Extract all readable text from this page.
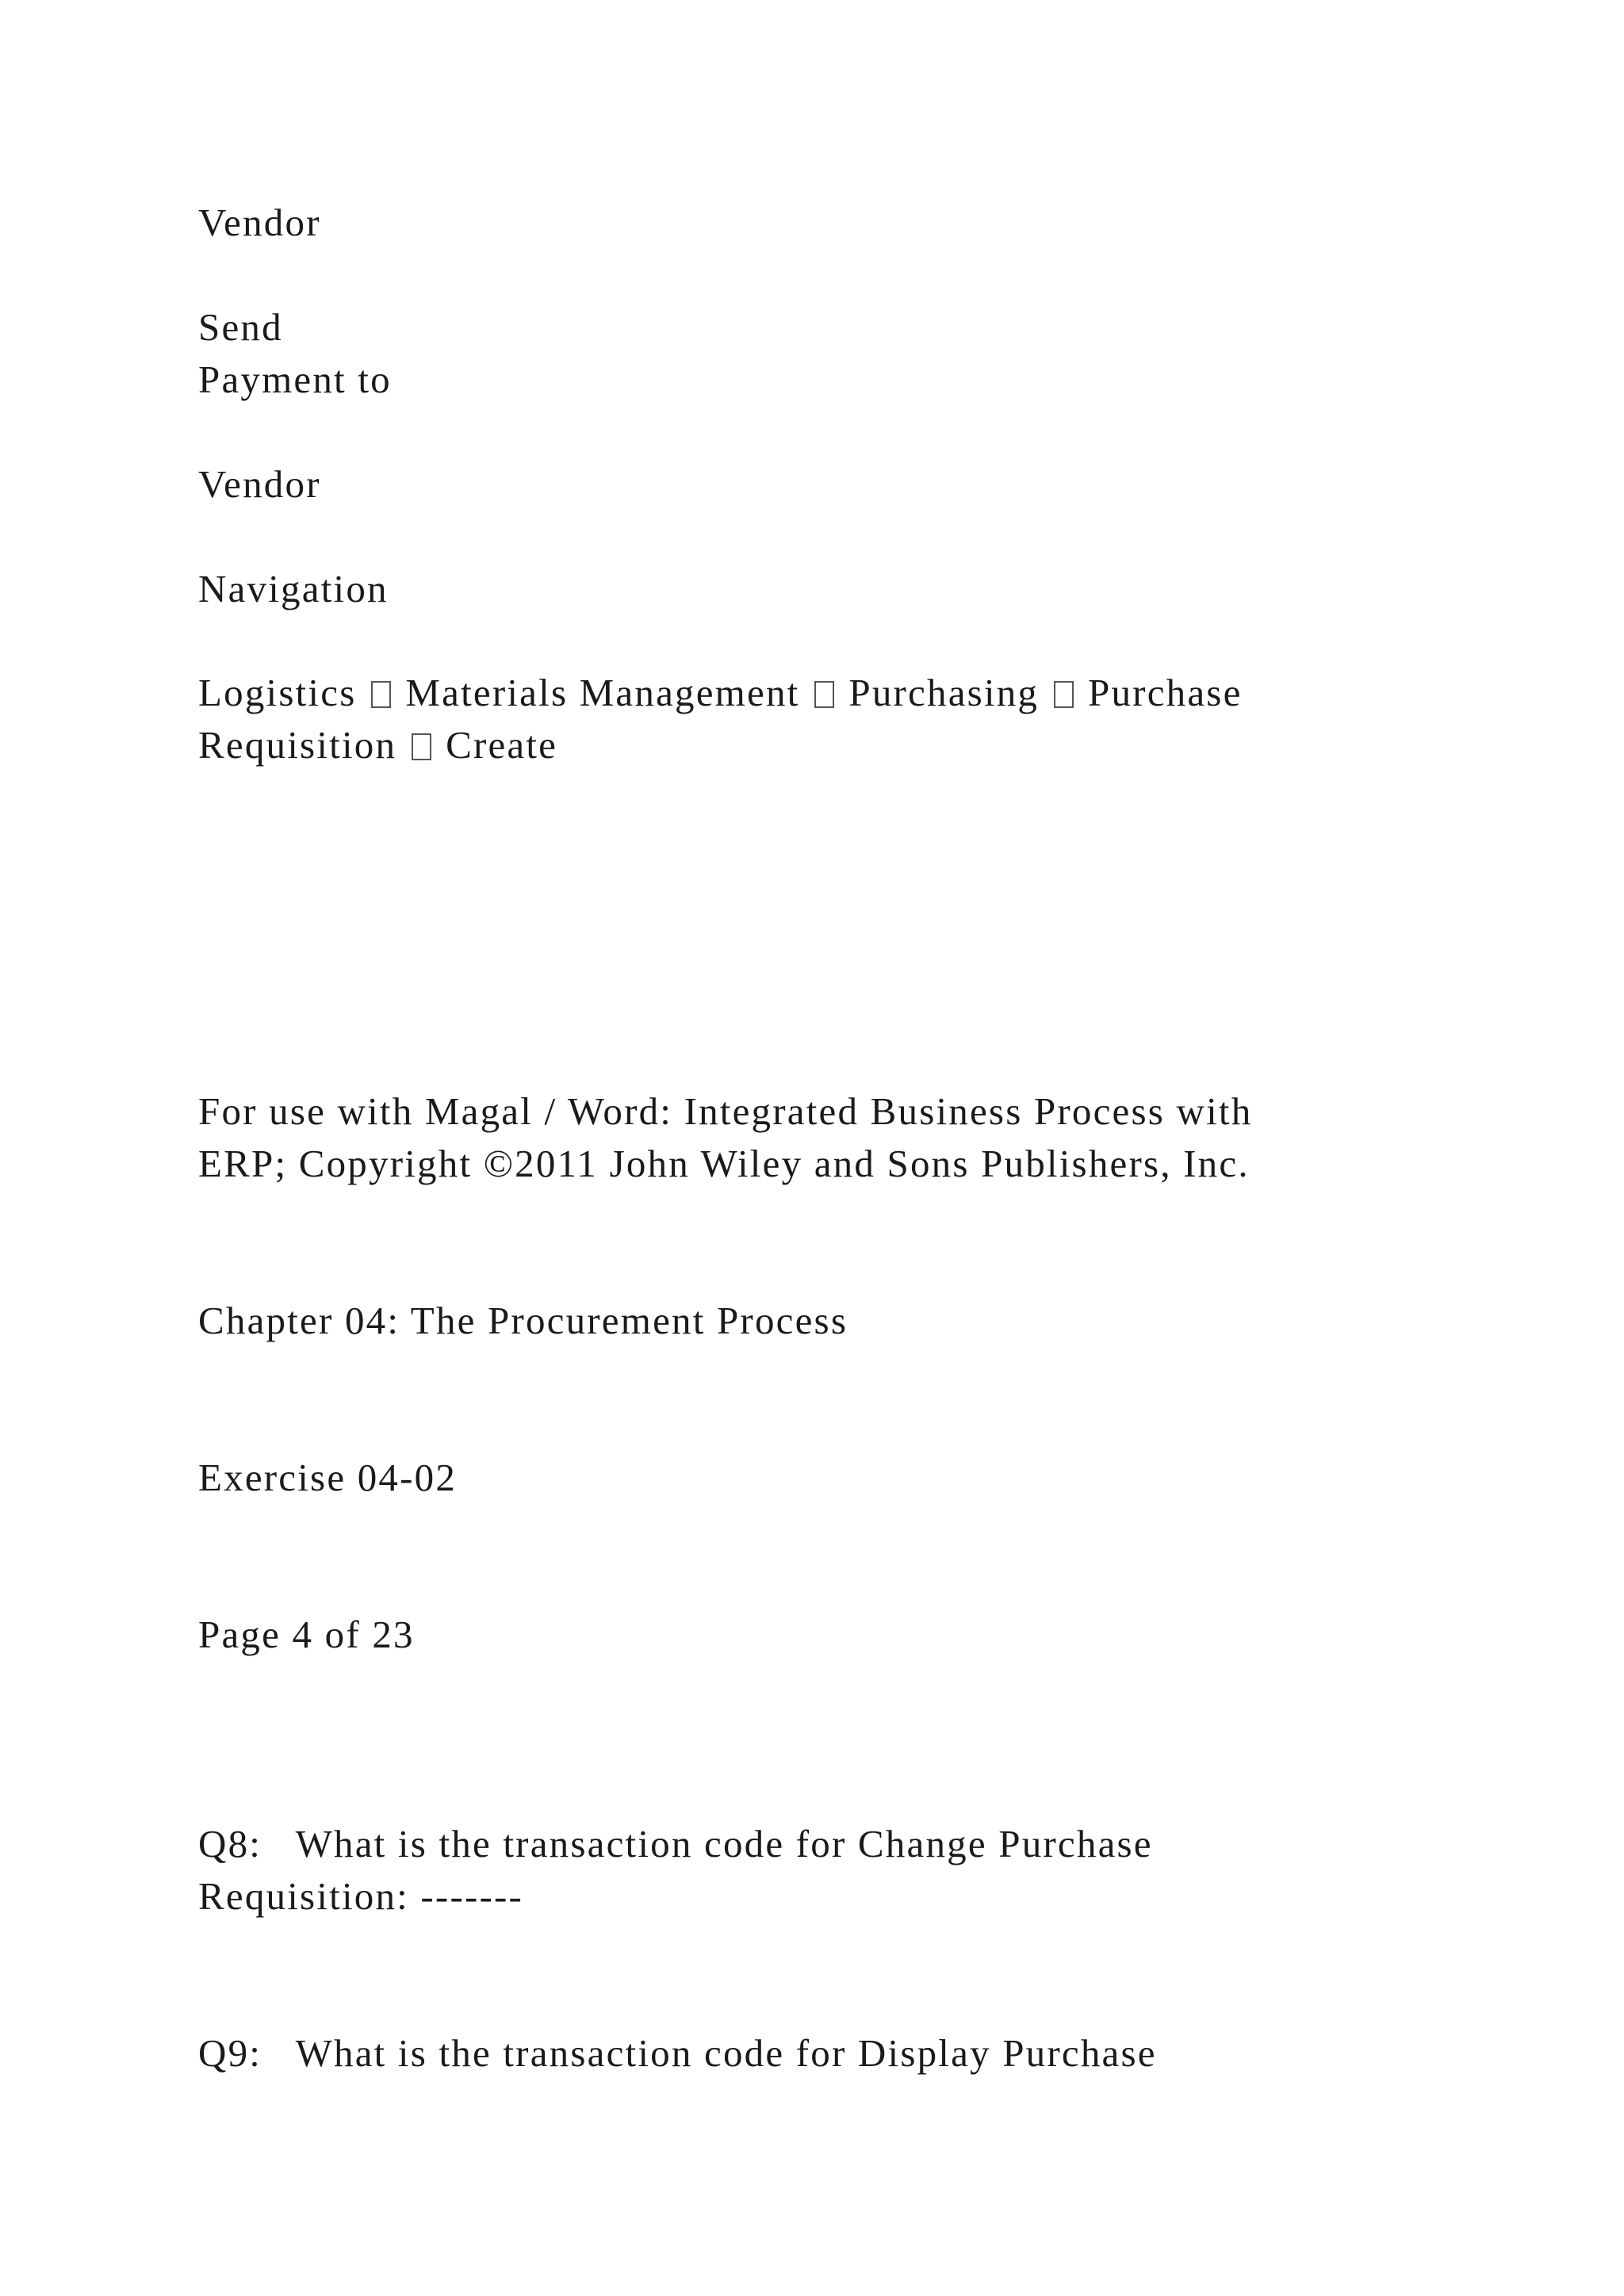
Vendor

Send

Payment to

Vendor

Navigation

Logistics Materials Management Purchasing Purchase

Requisition Create

For use with Magal / Word: Integrated Business Process with

ERP; Copyright ©2011 John Wiley and Sons Publishers, Inc.

Chapter 04: The Procurement Process

Exercise 04-02

Page 4 of 23

Q8:   What is the transaction code for Change Purchase

Requisition: -------

Q9:   What is the transaction code for Display Purchase
